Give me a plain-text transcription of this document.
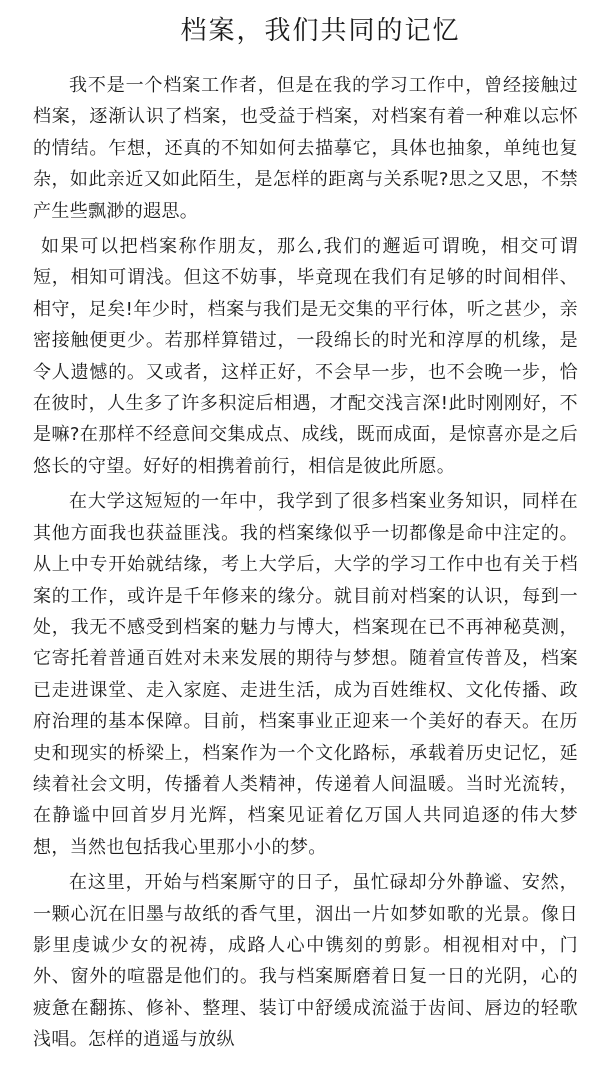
档案，我们共同的记忆

我不是一个档案工作者，但是在我的学习工作中，曾经接触过档案，逐渐认识了档案，也受益于档案，对档案有着一种难以忘怀的情结。乍想，还真的不知如何去描摹它，具体也抽象，单纯也复杂，如此亲近又如此陌生，是怎样的距离与关系呢?思之又思，不禁产生些飘渺的遐思。

如果可以把档案称作朋友，那么,我们的邂逅可谓晚，相交可谓短，相知可谓浅。但这不妨事，毕竟现在我们有足够的时间相伴、相守，足矣!年少时，档案与我们是无交集的平行体，听之甚少，亲密接触便更少。若那样算错过，一段绵长的时光和淳厚的机缘，是令人遗憾的。又或者，这样正好，不会早一步，也不会晚一步，恰在彼时，人生多了许多积淀后相遇，才配交浅言深!此时刚刚好，不是嘛?在那样不经意间交集成点、成线，既而成面，是惊喜亦是之后悠长的守望。好好的相携着前行，相信是彼此所愿。

在大学这短短的一年中，我学到了很多档案业务知识，同样在其他方面我也获益匪浅。我的档案缘似乎一切都像是命中注定的。从上中专开始就结缘，考上大学后，大学的学习工作中也有关于档案的工作，或许是千年修来的缘分。就目前对档案的认识，每到一处，我无不感受到档案的魅力与博大，档案现在已不再神秘莫测，它寄托着普通百姓对未来发展的期待与梦想。随着宣传普及，档案已走进课堂、走入家庭、走进生活，成为百姓维权、文化传播、政府治理的基本保障。目前，档案事业正迎来一个美好的春天。在历史和现实的桥梁上，档案作为一个文化路标，承载着历史记忆，延续着社会文明，传播着人类精神，传递着人间温暖。当时光流转，在静谧中回首岁月光辉，档案见证着亿万国人共同追逐的伟大梦想，当然也包括我心里那小小的梦。

在这里，开始与档案厮守的日子，虽忙碌却分外静谧、安然，一颗心沉在旧墨与故纸的香气里，洇出一片如梦如歌的光景。像日影里虔诚少女的祝祷，成路人心中镌刻的剪影。相视相对中，门外、窗外的喧嚣是他们的。我与档案厮磨着日复一日的光阴，心的疲惫在翻拣、修补、整理、装订中舒缓成流溢于齿间、唇边的轻歌浅唱。怎样的逍遥与放纵
